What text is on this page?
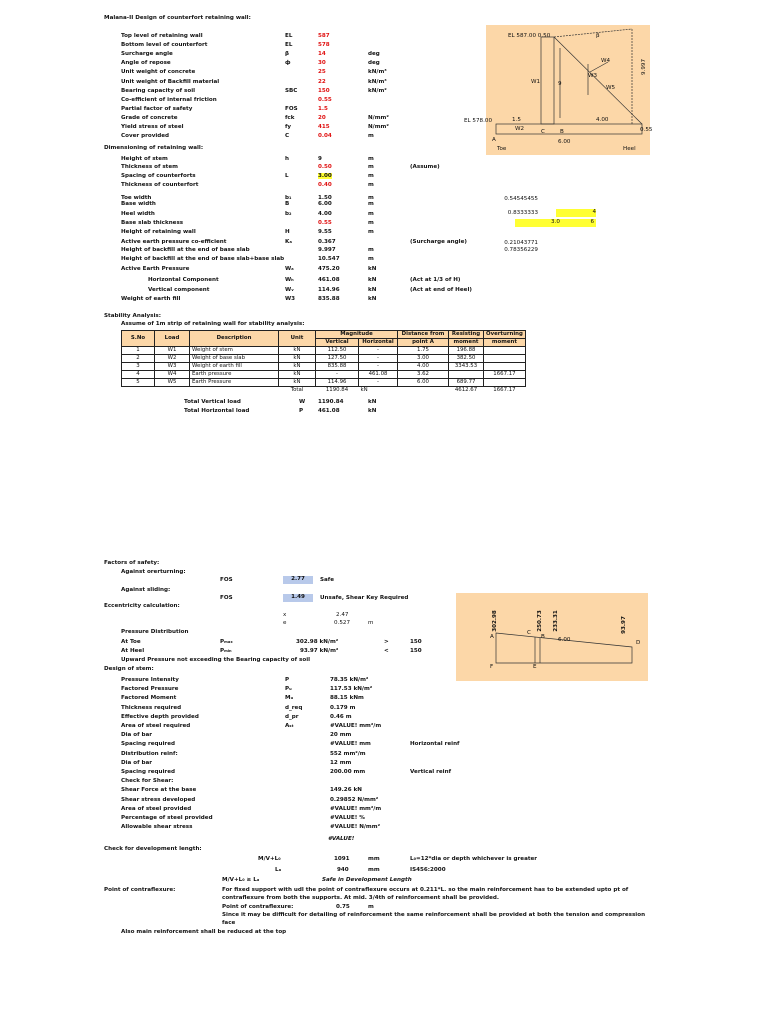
Malana-II Design of counterfort retaining wall:
Top level of retaining wall	EL	587
Bottom level of counterfort	EL	578
Surcharge angle	β	14	deg
Angle of repose	ф	30	deg
Unit weight of concrete	25	kN/m³
Unit weight of Backfill material	22	kN/m³
Bearing capacity of soil	SBC	150	kN/m²
Co-efficient of internal friction	0.55
Partial factor of safety	FOS	1.5
Grade of concrete	fck	20	N/mm²
Yield stress of steel	fy	415	N/mm²
Cover provided	C	0.04	m
Dimensioning of retaining wall:
Height of stem	h	9	m
Thickness of stem	0.50	m	(Assume)
Spacing of counterforts	L	3.00	m
Thickness of counterfort	0.40	m
Toe width	b₁	1.50	m
Base width	B	6.00	m
Heel width	b₂	4.00	m
Base slab thickness	0.55	m
Height of retaining wall	H	9.55	m
Active earth pressure co-efficient	Kₐ	0.367	(Surcharge angle)
Height of backfill at the end of base slab	9.997	m
Height of backfill at the end of base slab+base slab	10.547	m
Active Earth Pressure	Wₐ	475.20	kN
Horizontal Component	Wₕ	461.08	kN	(Act at 1/3 of H)
Vertical component	Wᵥ	114.96	kN	(Act at end of Heel)
Weight of earth fill	W3	835.88	kN
0.54545455
0.8333333	4
3.0	6
0.21043771
0.78356229
Stability Analysis:
Assume of 1m strip of retaining wall for stability analysis:
S.No	Load	Description	Unit	Magnitude		Distance from	Resisting	Overturning
				Vertical	Horizontal	point A	moment	moment
1	W1	Weight of stem	kN	112.50	-	1.75	196.88	
2	W2	Weight of base slab	kN	127.50	-	3.00	382.50	
3	W3	Weight of earth fill	kN	835.88	-	4.00	3343.53	
4	W4	Earth pressure	kN	-	461.08	3.62		1667.17
5	W5	Earth Pressure	kN	114.96	-	6.00	689.77	
			Total	1190.84	kN		4612.67	1667.17
Total Vertical load	W 1190.84	kN
Total Horizontal load	P	461.08	kN
EL 587.00 0.50	β
9.997
EL 578.00	1.5	4.00
0.55
6.00
Toe	Heel
W1
W2
W3
W4
W5
9
A
C	B
Factors of safety:
Against orerturning:
FOS	2.77	Safe
Against sliding:
FOS	1.49	Unsafe, Shear Key Required
Eccentricity calculation:
x	2.47
e	0.527	m
Pressure Distribution
At Toe	Pₘₐₓ	302.98 kN/m²	>	150
At Heel	Pₘᵢₙ	93.97 kN/m²	<	150
Upward Pressure not exceeding the Bearing capacity of soil
302.98	250.73 233.31	93.97
A
C
B
D
6.00
F	E
Design of stem:
Pressure Intensity	P	78.35 kN/m²
Factored Pressure	Pᵤ	117.53 kN/m²
Factored Moment	Mᵤ	88.15 kNm
Thickness required	d_req	0.179 m
Effective depth provided	d_pr	0.46 m
Area of steel required	Aₛₜ	#VALUE! mm²/m
Dia of bar	20 mm
Spacing required	#VALUE! mm	Horizontal reinf
Distribution reinf:	552 mm²/m
Dia of bar	12 mm
Spacing required	200.00 mm	Vertical reinf
Check for Shear:
Shear Force at the base	149.26 kN
Shear stress developed	0.29852 N/mm²
Area of steel provided	#VALUE! mm²/m
Percentage of steel provided	#VALUE! %
Allowable shear stress	#VALUE! N/mm²
#VALUE!
Check for development length:
M/V+L₀	1091	mm	L₀=12*dia or depth whichever is greater
Lₐ	940	mm	IS456:2000
M/V+L₀ ≥ Lₐ	Safe in Development Length
Point of contraflexure:	For fixed support with udl the point of contraflexure occurs at 0.211*L. so the main reinforcement has to be extended upto pt of
contraflexure from both the supports. At mid. 3/4th of reinforcement shall be provided.
Point of contraflexure:	0.75	m
Since it may be difficult for detailing of reinforcement the same reinforcement shall be provided at both the tension and compression
face
Also main reinforcement shall be reduced at the top
